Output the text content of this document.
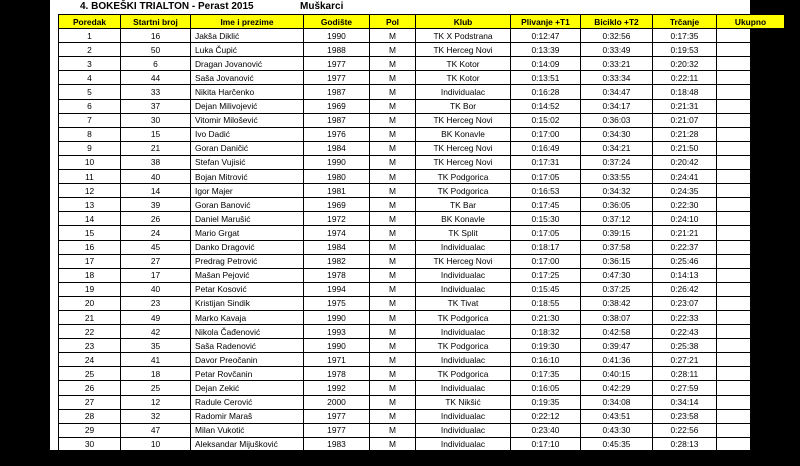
4. BOKEŠKI TRIALTON - Perast 2015	Muškarci
Poredak	Startni broj	Ime i prezime	Godište	Pol	Klub	Plivanje +T1	Biciklo +T2	Trčanje	Ukupno
1	16	Jakša Diklić	1990	M	TK X Podstrana	0:12:47	0:32:56	0:17:35	1:03:18
2	50	Luka Čupić	1988	M	TK Herceg Novi	0:13:39	0:33:49	0:19:53	1:07:21
3	6	Dragan Jovanović	1977	M	TK Kotor	0:14:09	0:33:21	0:20:32	1:08:02
4	44	Saša Jovanović	1977	M	TK Kotor	0:13:51	0:33:34	0:22:11	1:09:36
5	33	Nikita Harčenko	1987	M	Individualac	0:16:28	0:34:47	0:18:48	1:10:03
6	37	Dejan Milivojević	1969	M	TK Bor	0:14:52	0:34:17	0:21:31	1:10:40
7	30	Vitomir Milošević	1987	M	TK Herceg Novi	0:15:02	0:36:03	0:21:07	1:12:12
8	15	Ivo Dadić	1976	M	BK Konavle	0:17:00	0:34:30	0:21:28	1:12:58
9	21	Goran Daničić	1984	M	TK Herceg Novi	0:16:49	0:34:21	0:21:50	1:13:00
10	38	Stefan Vujisić	1990	M	TK Herceg Novi	0:17:31	0:37:24	0:20:42	1:15:37
11	40	Bojan Mitrović	1980	M	TK Podgorica	0:17:05	0:33:55	0:24:41	1:15:41
12	14	Igor Majer	1981	M	TK Podgorica	0:16:53	0:34:32	0:24:35	1:16:00
13	39	Goran Banović	1969	M	TK Bar	0:17:45	0:36:05	0:22:30	1:16:20
14	26	Daniel Marušić	1972	M	BK Konavle	0:15:30	0:37:12	0:24:10	1:16:52
15	24	Mario Grgat	1974	M	TK Split	0:17:05	0:39:15	0:21:21	1:17:41
16	45	Danko Dragović	1984	M	Individualac	0:18:17	0:37:58	0:22:37	1:18:52
17	27	Predrag Petrović	1982	M	TK Herceg Novi	0:17:00	0:36:15	0:25:46	1:19:01
18	17	Mašan Pejović	1978	M	Individualac	0:17:25	0:47:30	0:14:13	1:19:08
19	40	Petar Kosović	1994	M	Individualac	0:15:45	0:37:25	0:26:42	1:19:52
20	23	Kristijan Sindik	1975	M	TK Tivat	0:18:55	0:38:42	0:23:07	1:20:44
21	49	Marko Kavaja	1990	M	TK Podgorica	0:21:30	0:38:07	0:22:33	1:22:10
22	42	Nikola Čađenović	1993	M	Individualac	0:18:32	0:42:58	0:22:43	1:24:13
23	35	Saša Radenović	1990	M	TK Podgorica	0:19:30	0:39:47	0:25:38	1:24:55
24	41	Davor Preočanin	1971	M	Individualac	0:16:10	0:41:36	0:27:21	1:25:07
25	18	Petar Rovčanin	1978	M	TK Podgorica	0:17:35	0:40:15	0:28:11	1:26:01
26	25	Dejan Zekić	1992	M	Individualac	0:16:05	0:42:29	0:27:59	1:26:33
27	12	Radule Cerović	2000	M	TK Nikšić	0:19:35	0:34:08	0:34:14	1:27:57
28	32	Radomir Maraš	1977	M	Individualac	0:22:12	0:43:51	0:23:58	1:30:01
29	47	Milan Vukotić	1977	M	Individualac	0:23:40	0:43:30	0:22:56	1:30:06
30	10	Aleksandar Mijušković	1983	M	Individualac	0:17:10	0:45:35	0:28:13	1:30:58
31	4	Nikola Vukčević	1981	M	Individualac	0:17:11	0:45:12	0:30:12	1:32:35
